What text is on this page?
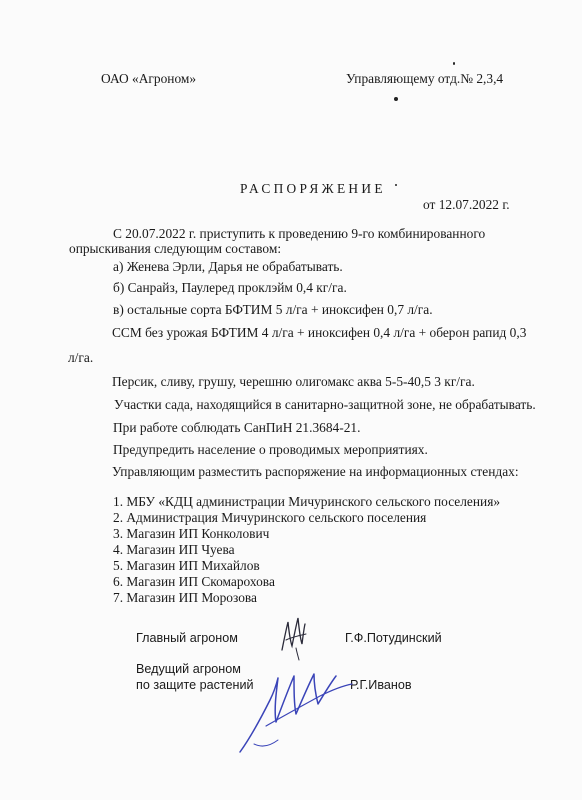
ОАО «Агроном»	Управляющему отд.№ 2,3,4
РАСПОРЯЖЕНИЕ
от 12.07.2022 г.
С 20.07.2022 г. приступить к проведению 9-го комбинированного
опрыскивания следующим составом:
а) Женева Эрли, Дарья не обрабатывать.
б) Санрайз, Паулеред проклэйм 0,4 кг/га.
в) остальные сорта БФТИМ 5 л/га + иноксифен 0,7 л/га.
ССМ без урожая БФТИМ 4 л/га + иноксифен 0,4 л/га + оберон рапид 0,3
л/га.
Персик, сливу, грушу, черешню олигомакс аква 5-5-40,5 3 кг/га.
Участки сада, находящийся в санитарно-защитной зоне, не обрабатывать.
При работе соблюдать СанПиН 21.3684-21.
Предупредить население о проводимых мероприятиях.
Управляющим разместить распоряжение на информационных стендах:
1. МБУ «КДЦ администрации Мичуринского сельского поселения»
2. Администрация Мичуринского сельского поселения
3. Магазин ИП Конколович
4. Магазин ИП Чуева
5. Магазин ИП Михайлов
6. Магазин ИП Скомарохова
7. Магазин ИП Морозова
Главный агроном	Г.Ф.Потудинский
Ведущий агроном
по защите растений	Р.Г.Иванов
